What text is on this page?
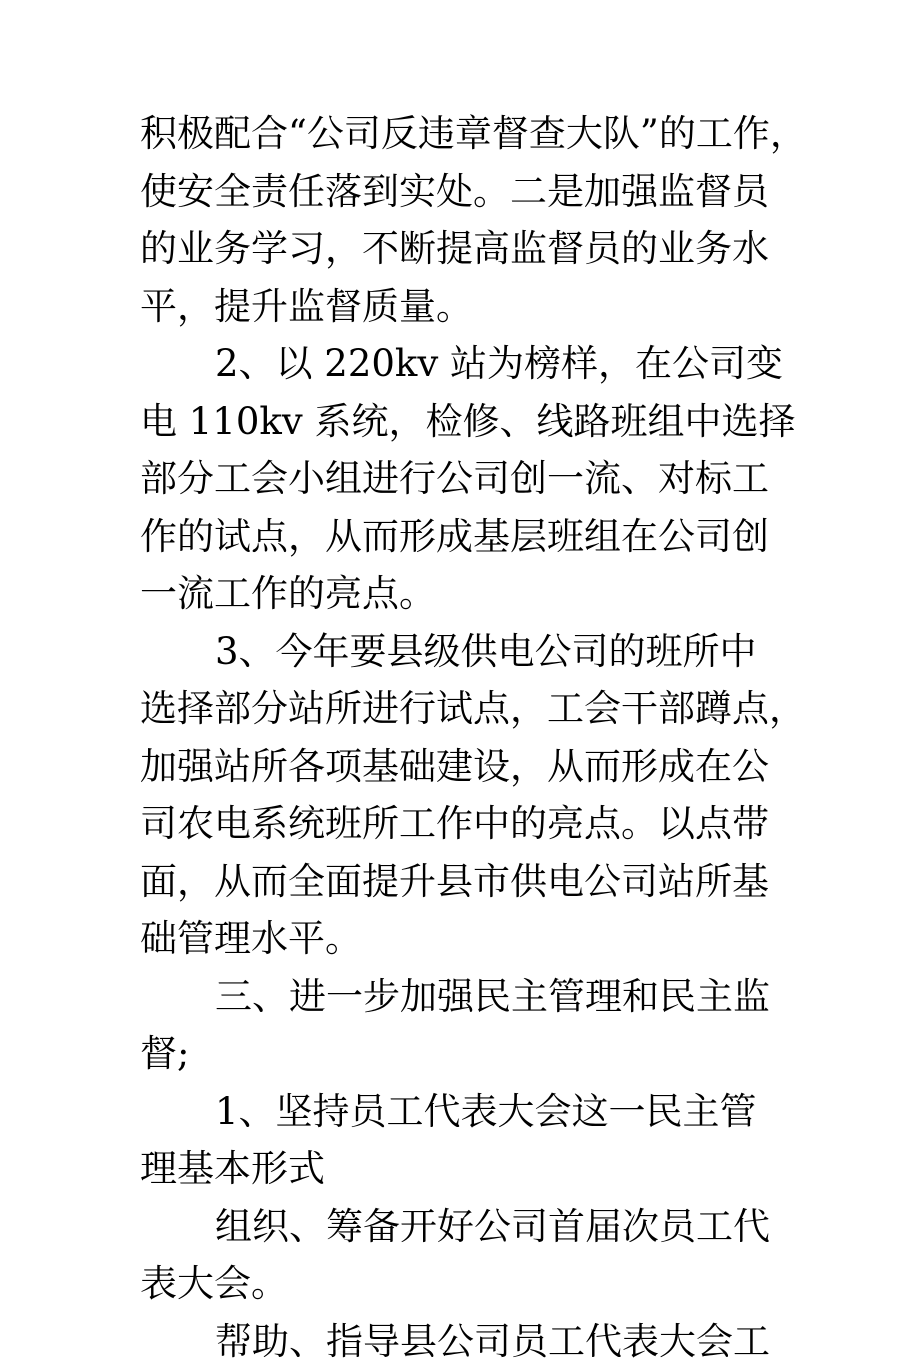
积极配合“公司反违章督查大队”的工作，

使安全责任落到实处。二是加强监督员

的业务学习，不断提高监督员的业务水

平，提升监督质量。

2、以 220kv 站为榜样，在公司变

电 110kv 系统，检修、线路班组中选择

部分工会小组进行公司创一流、对标工

作的试点，从而形成基层班组在公司创

一流工作的亮点。

3、今年要县级供电公司的班所中

选择部分站所进行试点，工会干部蹲点，

加强站所各项基础建设，从而形成在公

司农电系统班所工作中的亮点。以点带

面，从而全面提升县市供电公司站所基

础管理水平。

三、进一步加强民主管理和民主监

督;

1、坚持员工代表大会这一民主管

理基本形式

组织、筹备开好公司首届次员工代

表大会。

帮助、指导县公司员工代表大会工
